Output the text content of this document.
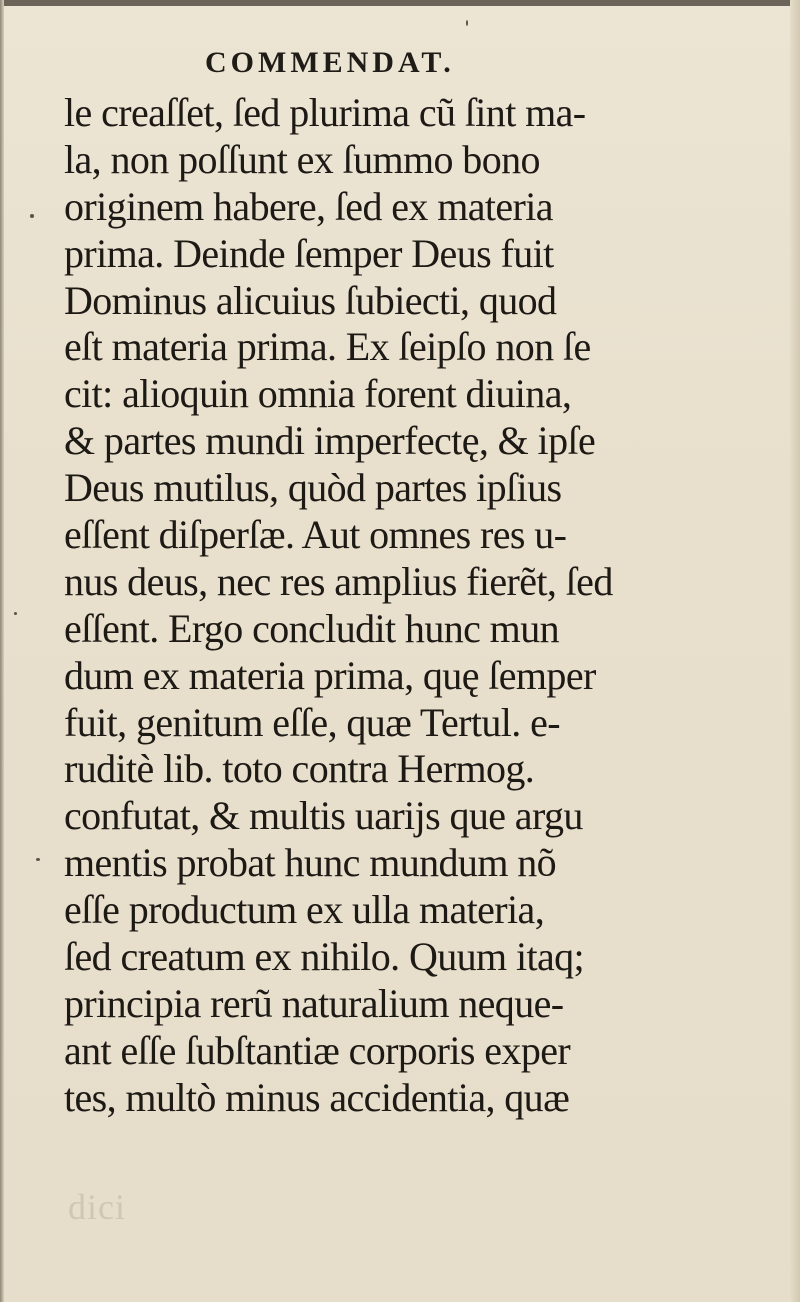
COMMENDAT.
le creaſſet, ſed plurima cũ ſint ma-
la, non poſſunt ex ſummo bono
originem habere, ſed ex materia
prima. Deinde ſemper Deus fuit
Dominus alicuius ſubiecti, quod
eſt materia prima. Ex ſeipſo non ſe
cit: alioquin omnia forent diuina,
& partes mundi imperfectę, & ipſe
Deus mutilus, quòd partes ipſius
eſſent diſperſæ. Aut omnes res u-
nus deus, nec res amplius fierẽt, ſed
eſſent. Ergo concludit hunc mun
dum ex materia prima, quę ſemper
fuit, genitum eſſe, quæ Tertul. e-
ruditè lib. toto contra Hermog.
confutat, & multis uarijs que argu
mentis probat hunc mundum nõ
eſſe productum ex ulla materia,
ſed creatum ex nihilo. Quum itaq;
principia rerũ naturalium neque-
ant eſſe ſubſtantiæ corporis exper
tes, multò minus accidentia, quæ
dici
